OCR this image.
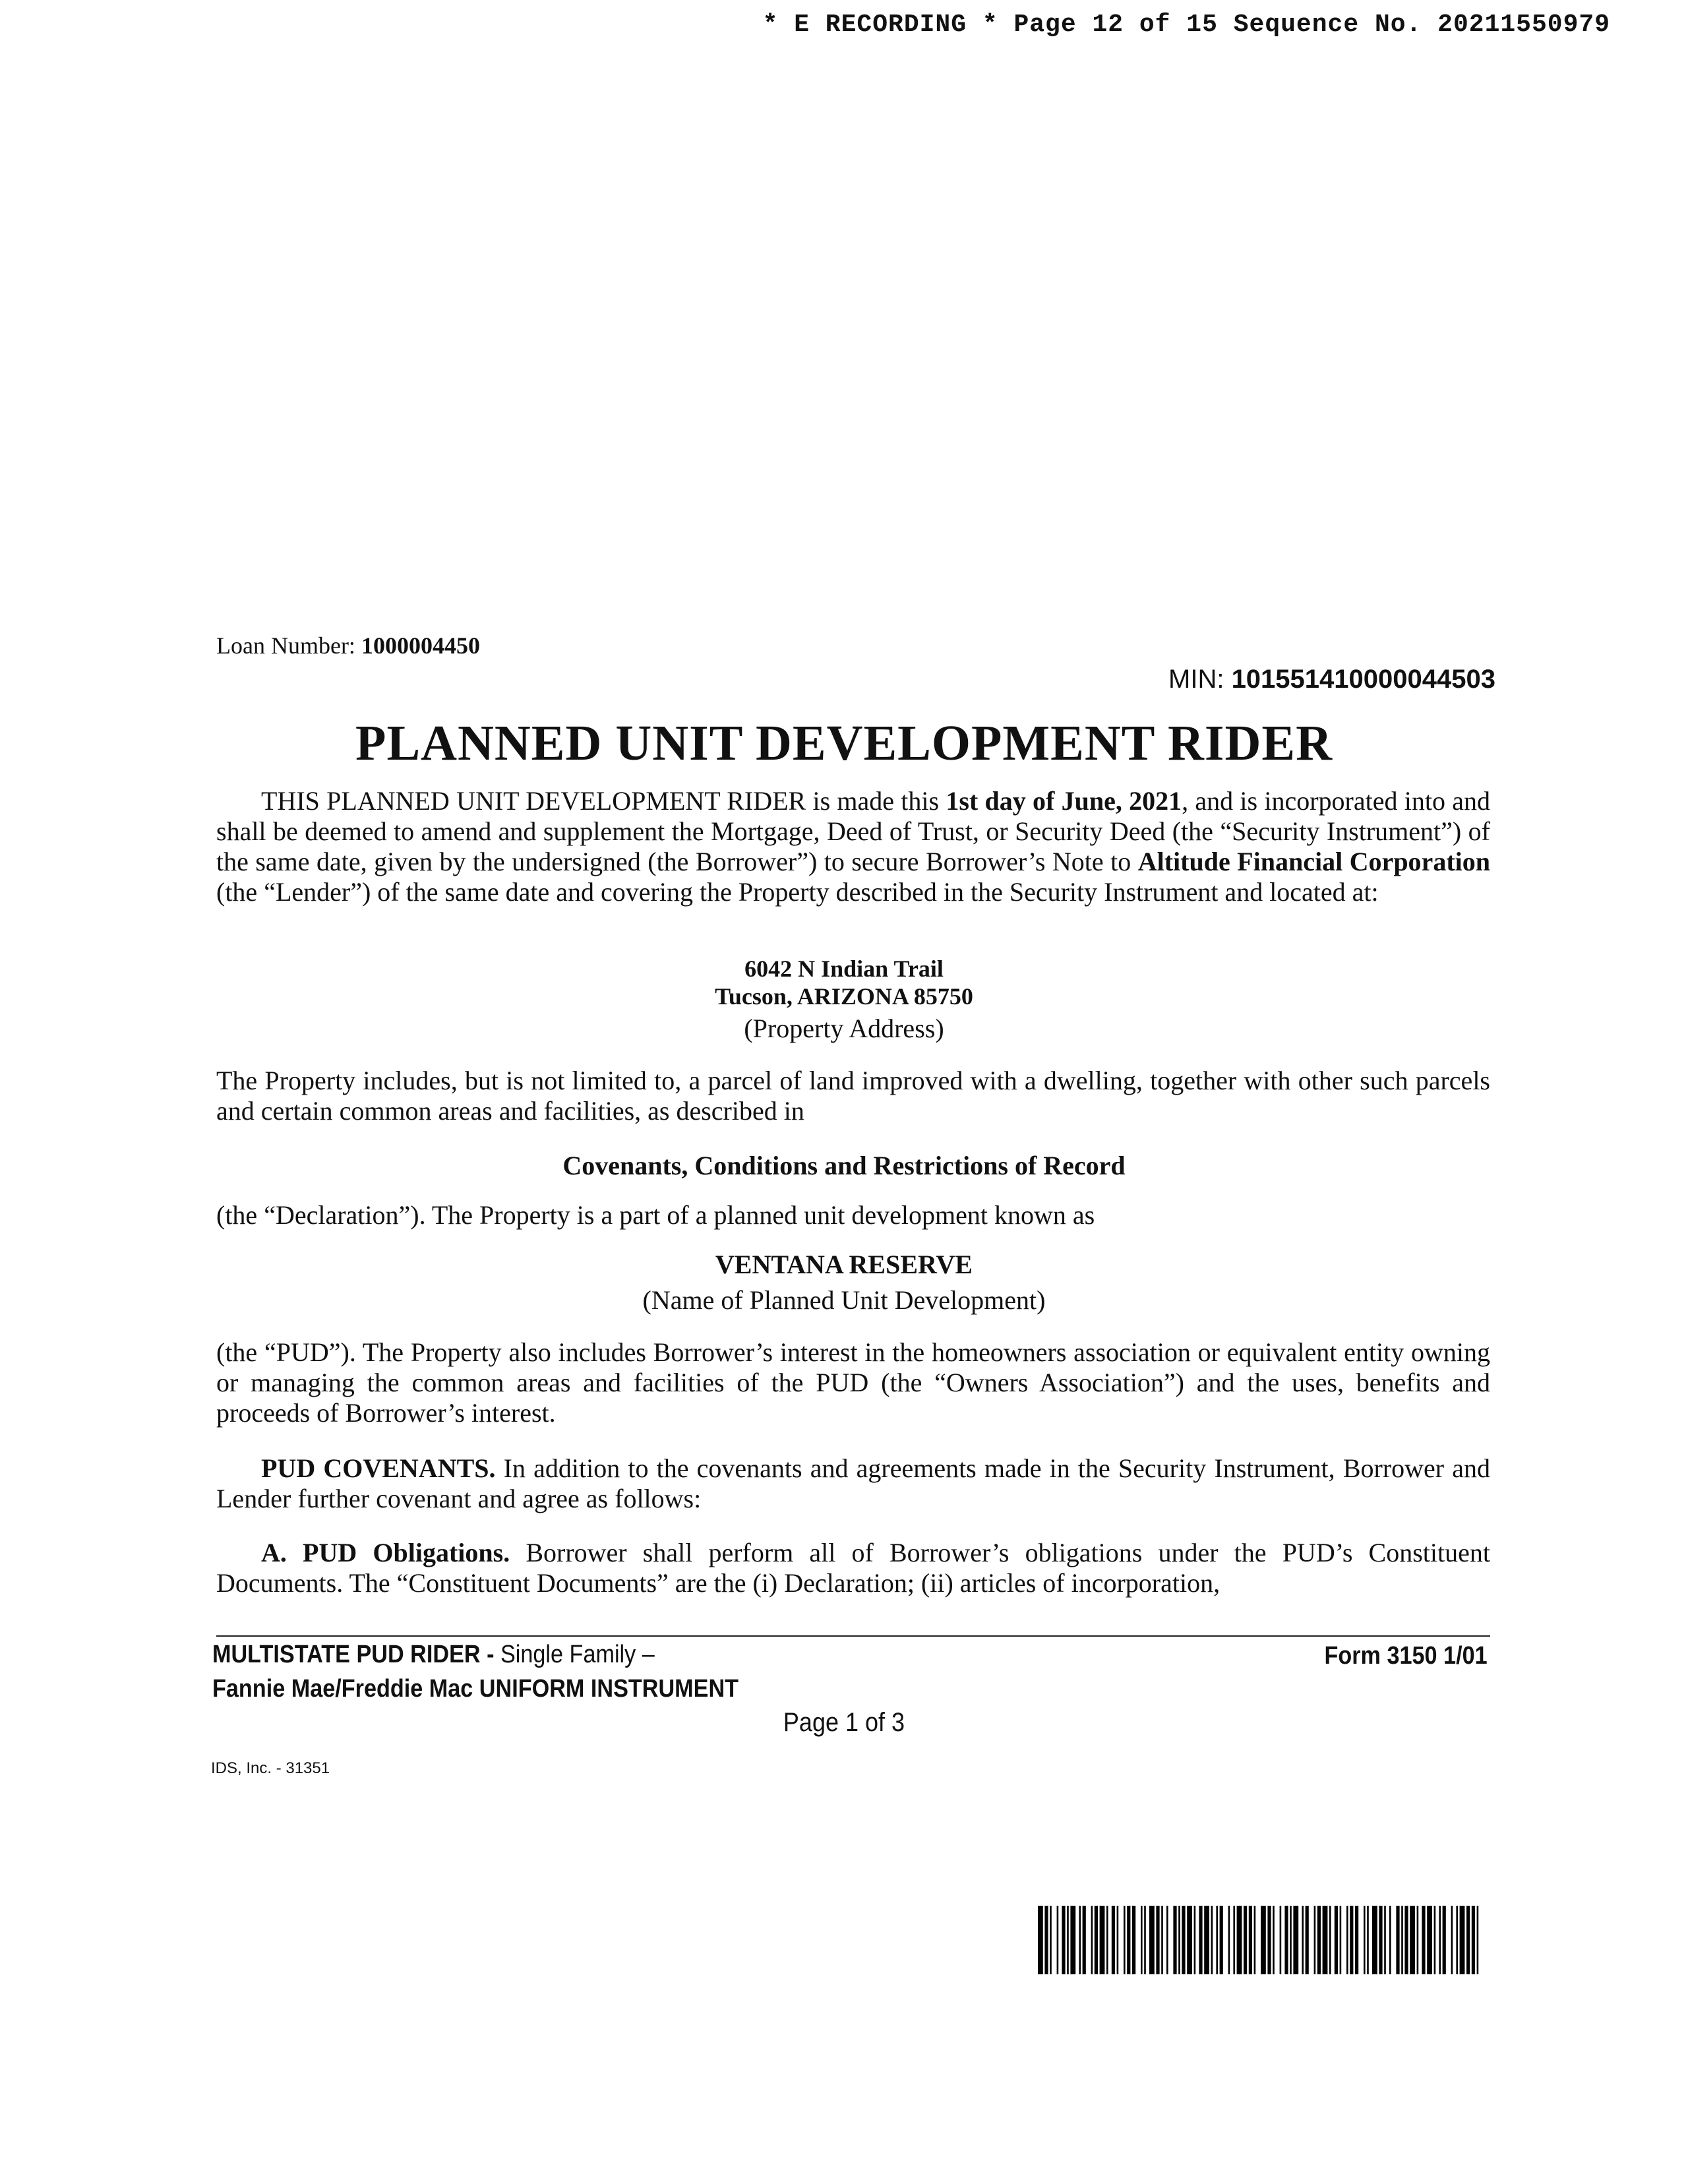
* E RECORDING * Page 12 of 15 Sequence No. 20211550979
Loan Number: 1000004450
MIN: 101551410000044503
PLANNED UNIT DEVELOPMENT RIDER
THIS PLANNED UNIT DEVELOPMENT RIDER is made this 1st day of June, 2021, and is incorporated into and shall be deemed to amend and supplement the Mortgage, Deed of Trust, or Security Deed (the “Security Instrument”) of the same date, given by the undersigned (the Borrower”) to secure Borrower’s Note to Altitude Financial Corporation (the “Lender”) of the same date and covering the Property described in the Security Instrument and located at:
6042 N Indian Trail
Tucson, ARIZONA 85750
(Property Address)
The Property includes, but is not limited to, a parcel of land improved with a dwelling, together with other such parcels and certain common areas and facilities, as described in
Covenants, Conditions and Restrictions of Record
(the “Declaration”). The Property is a part of a planned unit development known as
VENTANA RESERVE
(Name of Planned Unit Development)
(the “PUD”). The Property also includes Borrower’s interest in the homeowners association or equivalent entity owning or managing the common areas and facilities of the PUD (the “Owners Association”) and the uses, benefits and proceeds of Borrower’s interest.
PUD COVENANTS. In addition to the covenants and agreements made in the Security Instrument, Borrower and Lender further covenant and agree as follows:
A. PUD Obligations. Borrower shall perform all of Borrower’s obligations under the PUD’s Constituent Documents. The “Constituent Documents” are the (i) Declaration; (ii) articles of incorporation,
MULTISTATE PUD RIDER - Single Family –
Fannie Mae/Freddie Mac UNIFORM INSTRUMENT
Form 3150 1/01
Page 1 of 3
IDS, Inc. - 31351
